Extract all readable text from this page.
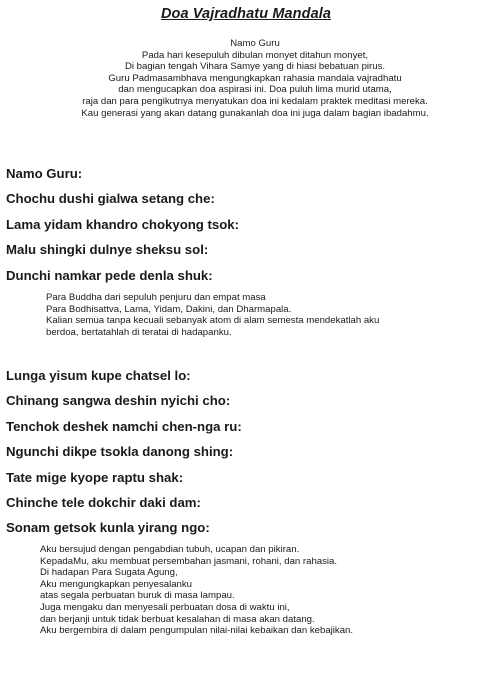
Doa Vajradhatu Mandala
Namo Guru
Pada hari kesepuluh dibulan monyet ditahun monyet,
Di bagian tengah Vihara Samye yang di hiasi bebatuan pirus.
Guru Padmasambhava mengungkapkan rahasia mandala vajradhatu
dan mengucapkan doa aspirasi ini. Doa puluh lima murid utama,
raja dan para pengikutnya menyatukan doa ini kedalam praktek meditasi mereka.
Kau generasi yang akan datang gunakanlah doa ini juga dalam bagian ibadahmu.
Namo Guru:
Chochu dushi gialwa setang che:
Lama yidam khandro chokyong tsok:
Malu shingki dulnye sheksu sol:
Dunchi namkar pede denla shuk:
Para Buddha dari sepuluh penjuru dan empat masa
Para Bodhisattva, Lama, Yidam, Dakini, dan Dharmapala.
Kalian semua tanpa kecuali sebanyak atom di alam semesta mendekatlah aku
berdoa, bertatahlah di teratai di hadapanku.
Lunga yisum kupe chatsel lo:
Chinang sangwa deshin nyichi cho:
Tenchok deshek namchi chen-nga ru:
Ngunchi dikpe tsokla danong shing:
Tate mige kyope raptu shak:
Chinche tele dokchir daki dam:
Sonam getsok kunla yirang ngo:
Aku bersujud dengan pengabdian tubuh, ucapan dan pikiran.
KepadaMu, aku membuat persembahan jasmani, rohani, dan rahasia.
Di hadapan Para Sugata Agung,
Aku mengungkapkan penyesalanku
atas segala perbuatan buruk di masa lampau.
Juga mengaku dan menyesali perbuatan dosa di waktu ini,
dan berjanji untuk tidak berbuat kesalahan di masa akan datang.
Aku bergembira di dalam pengumpulan nilai-nilai kebaikan dan kebajikan.
